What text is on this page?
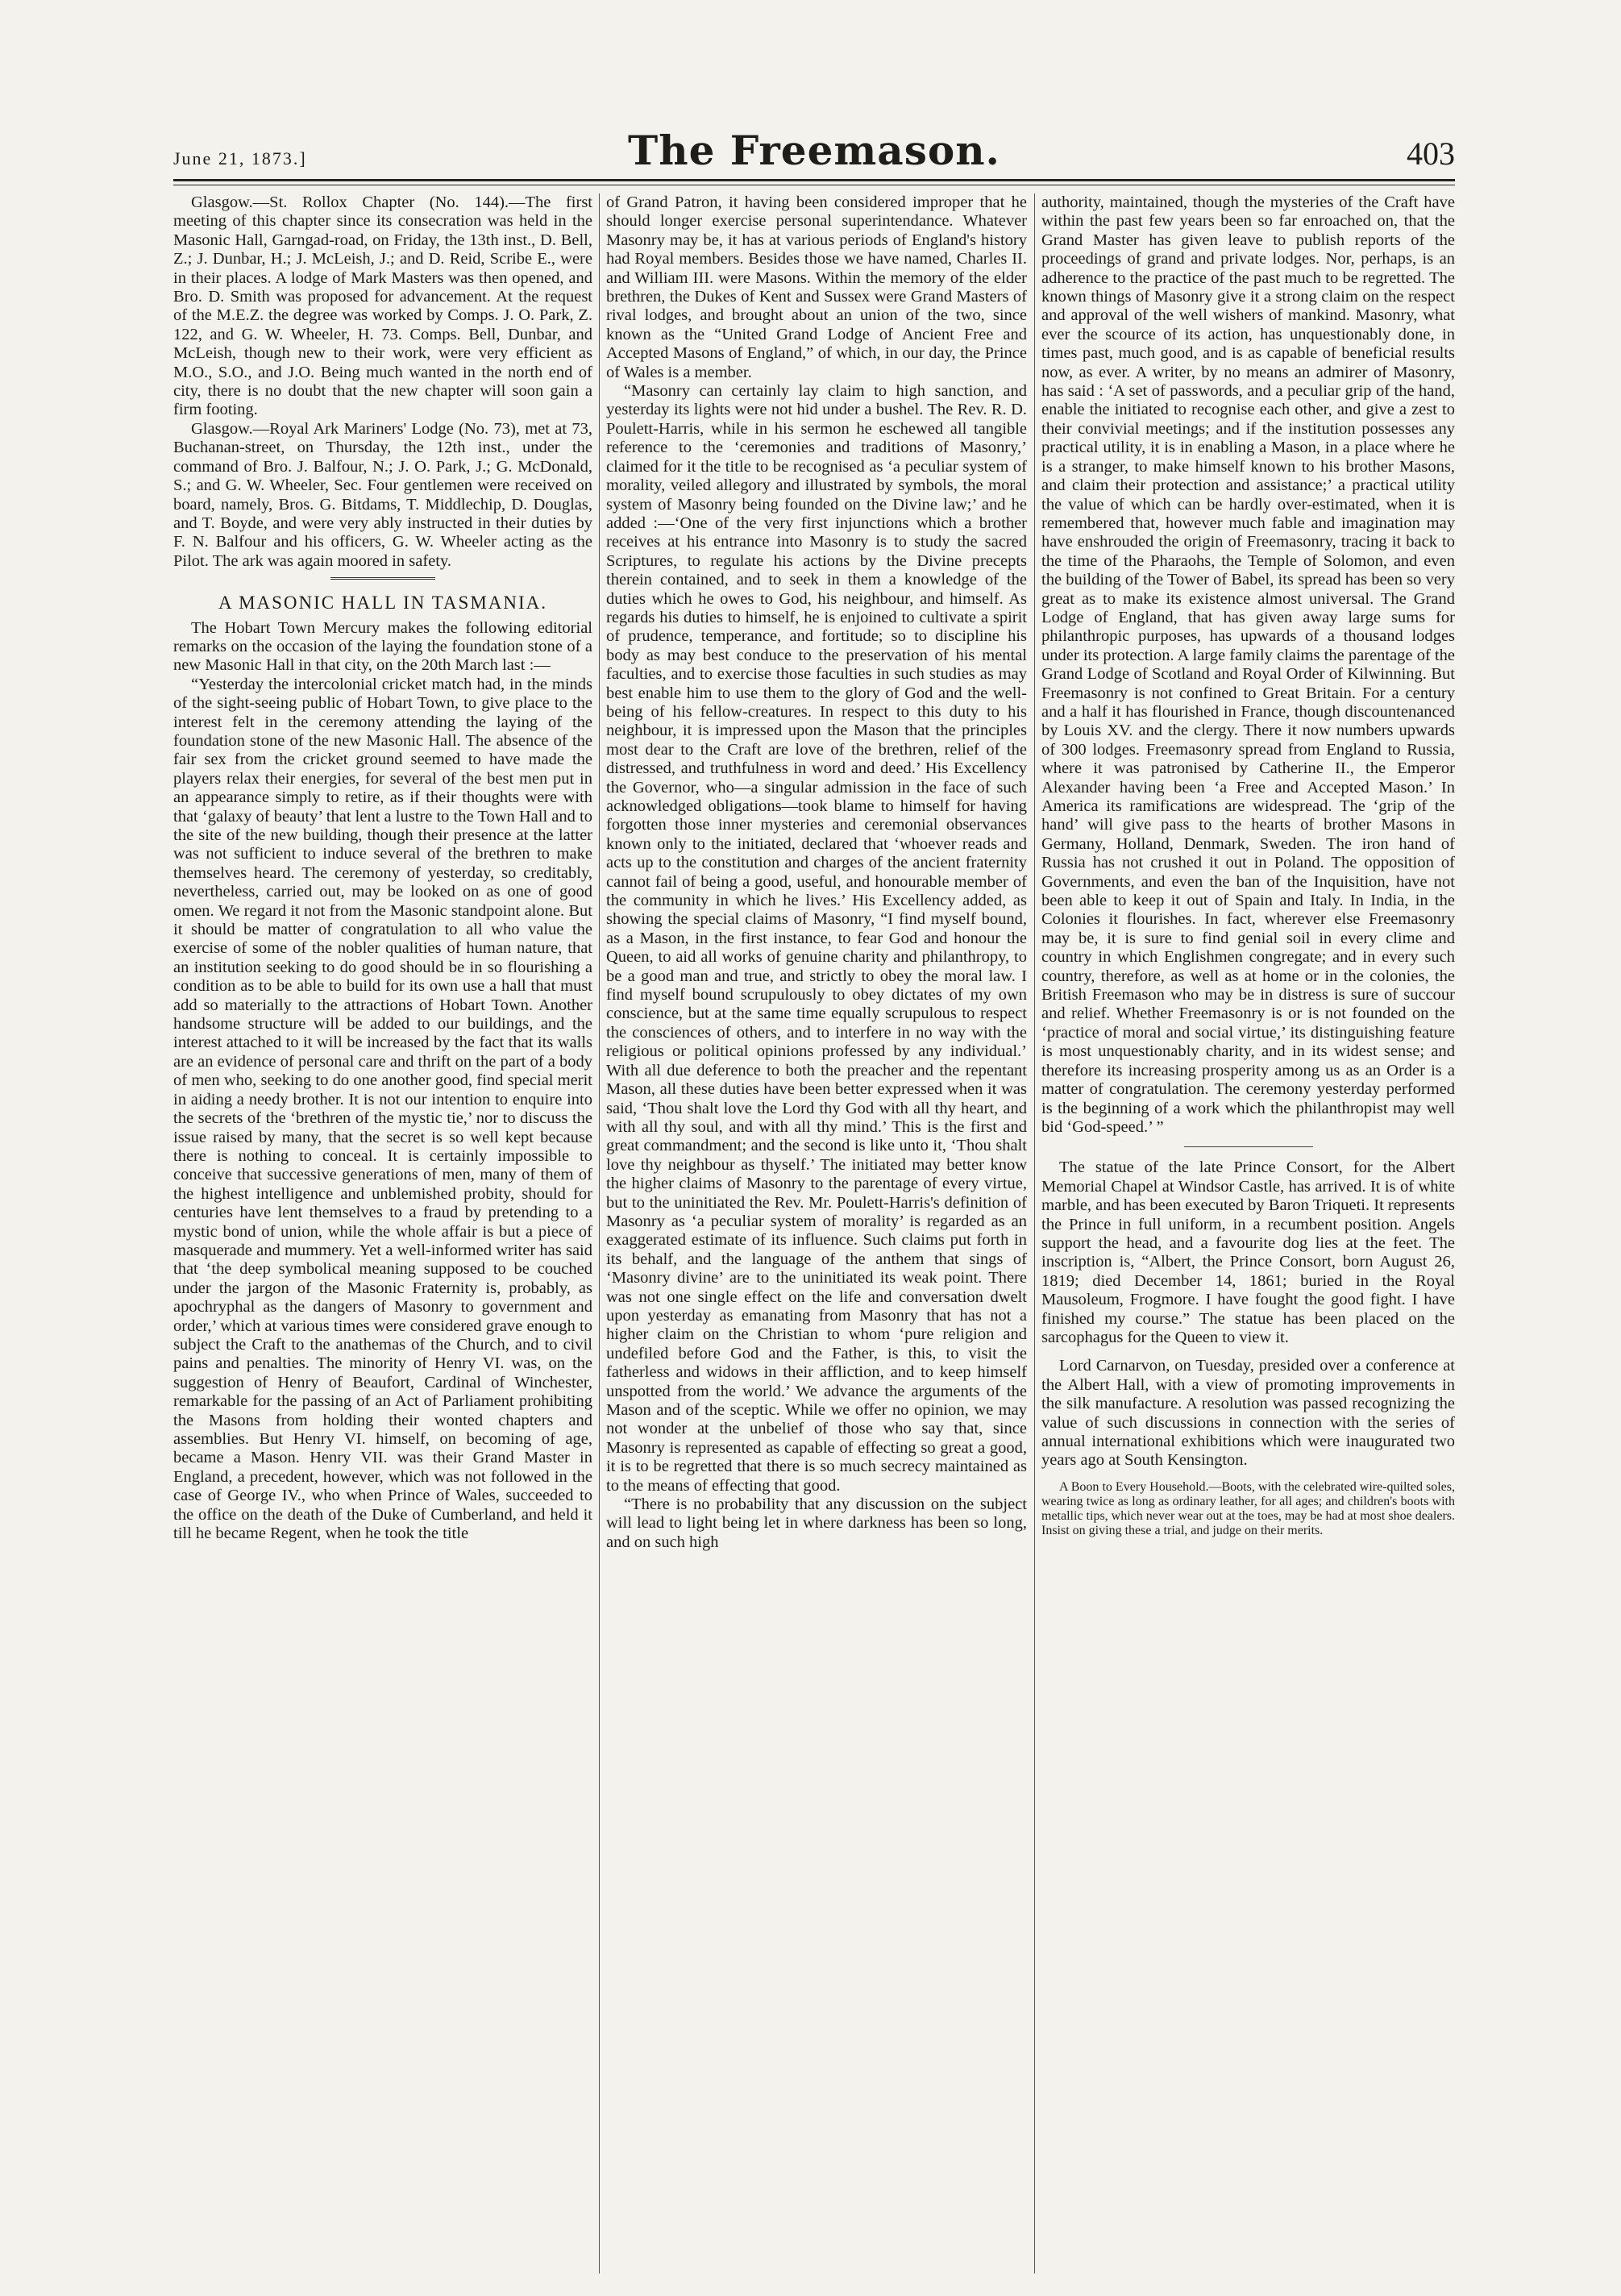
June 21, 1873.]	The Freemason.	403

Glasgow.—St. Rollox Chapter (No. 144).—The first meeting of this chapter since its consecration was held in the Masonic Hall, Garngad-road, on Friday, the 13th inst., D. Bell, Z.; J. Dunbar, H.; J. McLeish, J.; and D. Reid, Scribe E., were in their places. A lodge of Mark Masters was then opened, and Bro. D. Smith was proposed for advancement. At the request of the M.E.Z. the degree was worked by Comps. J. O. Park, Z. 122, and G. W. Wheeler, H. 73. Comps. Bell, Dunbar, and McLeish, though new to their work, were very efficient as M.O., S.O., and J.O. Being much wanted in the north end of city, there is no doubt that the new chapter will soon gain a firm footing.

Glasgow.—Royal Ark Mariners' Lodge (No. 73), met at 73, Buchanan-street, on Thursday, the 12th inst., under the command of Bro. J. Balfour, N.; J. O. Park, J.; G. McDonald, S.; and G. W. Wheeler, Sec. Four gentlemen were received on board, namely, Bros. G. Bitdams, T. Middlechip, D. Douglas, and T. Boyde, and were very ably instructed in their duties by F. N. Balfour and his officers, G. W. Wheeler acting as the Pilot. The ark was again moored in safety.

A MASONIC HALL IN TASMANIA.

The Hobart Town Mercury makes the following editorial remarks on the occasion of the laying the foundation stone of a new Masonic Hall in that city, on the 20th March last :—

“Yesterday the intercolonial cricket match had, in the minds of the sight-seeing public of Hobart Town, to give place to the interest felt in the ceremony attending the laying of the foundation stone of the new Masonic Hall. The absence of the fair sex from the cricket ground seemed to have made the players relax their energies, for several of the best men put in an appearance simply to retire, as if their thoughts were with that ‘galaxy of beauty’ that lent a lustre to the Town Hall and to the site of the new building, though their presence at the latter was not sufficient to induce several of the brethren to make themselves heard. The ceremony of yesterday, so creditably, nevertheless, carried out, may be looked on as one of good omen. We regard it not from the Masonic standpoint alone. But it should be matter of congratulation to all who value the exercise of some of the nobler qualities of human nature, that an institution seeking to do good should be in so flourishing a condition as to be able to build for its own use a hall that must add so materially to the attractions of Hobart Town. Another handsome structure will be added to our buildings, and the interest attached to it will be increased by the fact that its walls are an evidence of personal care and thrift on the part of a body of men who, seeking to do one another good, find special merit in aiding a needy brother. It is not our intention to enquire into the secrets of the ‘brethren of the mystic tie,’ nor to discuss the issue raised by many, that the secret is so well kept because there is nothing to conceal. It is certainly impossible to conceive that successive generations of men, many of them of the highest intelligence and unblemished probity, should for centuries have lent themselves to a fraud by pretending to a mystic bond of union, while the whole affair is but a piece of masquerade and mummery. Yet a well-informed writer has said that ‘the deep symbolical meaning supposed to be couched under the jargon of the Masonic Fraternity is, probably, as apochryphal as the dangers of Masonry to government and order,’ which at various times were considered grave enough to subject the Craft to the anathemas of the Church, and to civil pains and penalties. The minority of Henry VI. was, on the suggestion of Henry of Beaufort, Cardinal of Winchester, remarkable for the passing of an Act of Parliament prohibiting the Masons from holding their wonted chapters and assemblies. But Henry VI. himself, on becoming of age, became a Mason. Henry VII. was their Grand Master in England, a precedent, however, which was not followed in the case of George IV., who when Prince of Wales, succeeded to the office on the death of the Duke of Cumberland, and held it till he became Regent, when he took the title

of Grand Patron, it having been considered improper that he should longer exercise personal superintendance. Whatever Masonry may be, it has at various periods of England's history had Royal members. Besides those we have named, Charles II. and William III. were Masons. Within the memory of the elder brethren, the Dukes of Kent and Sussex were Grand Masters of rival lodges, and brought about an union of the two, since known as the “United Grand Lodge of Ancient Free and Accepted Masons of England,” of which, in our day, the Prince of Wales is a member.

“Masonry can certainly lay claim to high sanction, and yesterday its lights were not hid under a bushel. The Rev. R. D. Poulett-Harris, while in his sermon he eschewed all tangible reference to the ‘ceremonies and traditions of Masonry,’ claimed for it the title to be recognised as ‘a peculiar system of morality, veiled allegory and illustrated by symbols, the moral system of Masonry being founded on the Divine law;’ and he added :—‘One of the very first injunctions which a brother receives at his entrance into Masonry is to study the sacred Scriptures, to regulate his actions by the Divine precepts therein contained, and to seek in them a knowledge of the duties which he owes to God, his neighbour, and himself. As regards his duties to himself, he is enjoined to cultivate a spirit of prudence, temperance, and fortitude; so to discipline his body as may best conduce to the preservation of his mental faculties, and to exercise those faculties in such studies as may best enable him to use them to the glory of God and the well-being of his fellow-creatures. In respect to this duty to his neighbour, it is impressed upon the Mason that the principles most dear to the Craft are love of the brethren, relief of the distressed, and truthfulness in word and deed.’ His Excellency the Governor, who—a singular admission in the face of such acknowledged obligations—took blame to himself for having forgotten those inner mysteries and ceremonial observances known only to the initiated, declared that ‘whoever reads and acts up to the constitution and charges of the ancient fraternity cannot fail of being a good, useful, and honourable member of the community in which he lives.’ His Excellency added, as showing the special claims of Masonry, “I find myself bound, as a Mason, in the first instance, to fear God and honour the Queen, to aid all works of genuine charity and philanthropy, to be a good man and true, and strictly to obey the moral law. I find myself bound scrupulously to obey dictates of my own conscience, but at the same time equally scrupulous to respect the consciences of others, and to interfere in no way with the religious or political opinions professed by any individual.’ With all due deference to both the preacher and the repentant Mason, all these duties have been better expressed when it was said, ‘Thou shalt love the Lord thy God with all thy heart, and with all thy soul, and with all thy mind.’ This is the first and great commandment; and the second is like unto it, ‘Thou shalt love thy neighbour as thyself.’ The initiated may better know the higher claims of Masonry to the parentage of every virtue, but to the uninitiated the Rev. Mr. Poulett-Harris's definition of Masonry as ‘a peculiar system of morality’ is regarded as an exaggerated estimate of its influence. Such claims put forth in its behalf, and the language of the anthem that sings of ‘Masonry divine’ are to the uninitiated its weak point. There was not one single effect on the life and conversation dwelt upon yesterday as emanating from Masonry that has not a higher claim on the Christian to whom ‘pure religion and undefiled before God and the Father, is this, to visit the fatherless and widows in their affliction, and to keep himself unspotted from the world.’ We advance the arguments of the Mason and of the sceptic. While we offer no opinion, we may not wonder at the unbelief of those who say that, since Masonry is represented as capable of effecting so great a good, it is to be regretted that there is so much secrecy maintained as to the means of effecting that good.

“There is no probability that any discussion on the subject will lead to light being let in where darkness has been so long, and on such high

authority, maintained, though the mysteries of the Craft have within the past few years been so far enroached on, that the Grand Master has given leave to publish reports of the proceedings of grand and private lodges. Nor, perhaps, is an adherence to the practice of the past much to be regretted. The known things of Masonry give it a strong claim on the respect and approval of the well wishers of mankind. Masonry, what ever the scource of its action, has unquestionably done, in times past, much good, and is as capable of beneficial results now, as ever. A writer, by no means an admirer of Masonry, has said : ‘A set of passwords, and a peculiar grip of the hand, enable the initiated to recognise each other, and give a zest to their convivial meetings; and if the institution possesses any practical utility, it is in enabling a Mason, in a place where he is a stranger, to make himself known to his brother Masons, and claim their protection and assistance;’ a practical utility the value of which can be hardly over-estimated, when it is remembered that, however much fable and imagination may have enshrouded the origin of Freemasonry, tracing it back to the time of the Pharaohs, the Temple of Solomon, and even the building of the Tower of Babel, its spread has been so very great as to make its existence almost universal. The Grand Lodge of England, that has given away large sums for philanthropic purposes, has upwards of a thousand lodges under its protection. A large family claims the parentage of the Grand Lodge of Scotland and Royal Order of Kilwinning. But Freemasonry is not confined to Great Britain. For a century and a half it has flourished in France, though discountenanced by Louis XV. and the clergy. There it now numbers upwards of 300 lodges. Freemasonry spread from England to Russia, where it was patronised by Catherine II., the Emperor Alexander having been ‘a Free and Accepted Mason.’ In America its ramifications are widespread. The ‘grip of the hand’ will give pass to the hearts of brother Masons in Germany, Holland, Denmark, Sweden. The iron hand of Russia has not crushed it out in Poland. The opposition of Governments, and even the ban of the Inquisition, have not been able to keep it out of Spain and Italy. In India, in the Colonies it flourishes. In fact, wherever else Freemasonry may be, it is sure to find genial soil in every clime and country in which Englishmen congregate; and in every such country, therefore, as well as at home or in the colonies, the British Freemason who may be in distress is sure of succour and relief. Whether Freemasonry is or is not founded on the ‘practice of moral and social virtue,’ its distinguishing feature is most unquestionably charity, and in its widest sense; and therefore its increasing prosperity among us as an Order is a matter of congratulation. The ceremony yesterday performed is the beginning of a work which the philanthropist may well bid ‘God-speed.’ ”

The statue of the late Prince Consort, for the Albert Memorial Chapel at Windsor Castle, has arrived. It is of white marble, and has been executed by Baron Triqueti. It represents the Prince in full uniform, in a recumbent position. Angels support the head, and a favourite dog lies at the feet. The inscription is, “Albert, the Prince Consort, born August 26, 1819; died December 14, 1861; buried in the Royal Mausoleum, Frogmore. I have fought the good fight. I have finished my course.” The statue has been placed on the sarcophagus for the Queen to view it.

Lord Carnarvon, on Tuesday, presided over a conference at the Albert Hall, with a view of promoting improvements in the silk manufacture. A resolution was passed recognizing the value of such discussions in connection with the series of annual international exhibitions which were inaugurated two years ago at South Kensington.

A Boon to Every Household.—Boots, with the celebrated wire-quilted soles, wearing twice as long as ordinary leather, for all ages; and children's boots with metallic tips, which never wear out at the toes, may be had at most shoe dealers. Insist on giving these a trial, and judge on their merits.
